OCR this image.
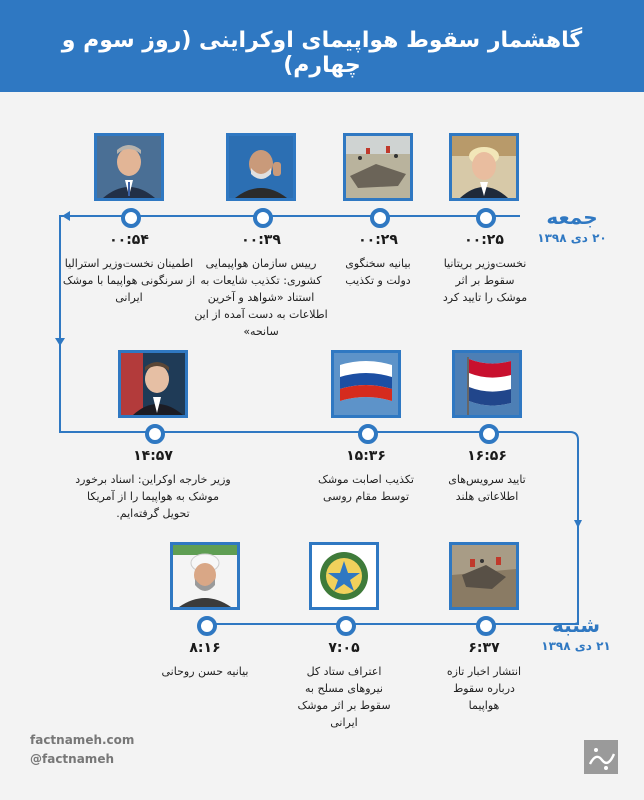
گاهشمار سقوط هواپیمای اوکراینی (روز سوم و چهارم)
جمعه
۲۰ دی ۱۳۹۸
شنبه
۲۱ دی ۱۳۹۸
۰۰:۲۵
نخست‌وزیر بریتانیا سقوط بر اثر موشک را تایید کرد
۰۰:۲۹
بیانیه سخنگوی دولت و تکذیب
۰۰:۳۹
رییس سازمان هواپیمایی کشوری: تکذیب شایعات به استناد «شواهد و آخرین اطلاعات به دست آمده از این سانحه»
۰۰:۵۴
اطمینان نخست‌وزیر استرالیا از سرنگونی هواپیما با موشک ایرانی
۱۶:۵۶
تایید سرویس‌های اطلاعاتی هلند
۱۵:۳۶
تکذیب اصابت موشک توسط مقام روسی
۱۴:۵۷
وزیر خارجه اوکراین: اسناد برخورد موشک به هواپیما را از آمریکا تحویل گرفته‌ایم.
۶:۳۷
انتشار اخبار تازه درباره سقوط هواپیما
۷:۰۵
اعتراف ستاد کل نیروهای مسلح به سقوط بر اثر موشک ایرانی
۸:۱۶
بیانیه حسن روحانی
factnameh.com
@factnameh
